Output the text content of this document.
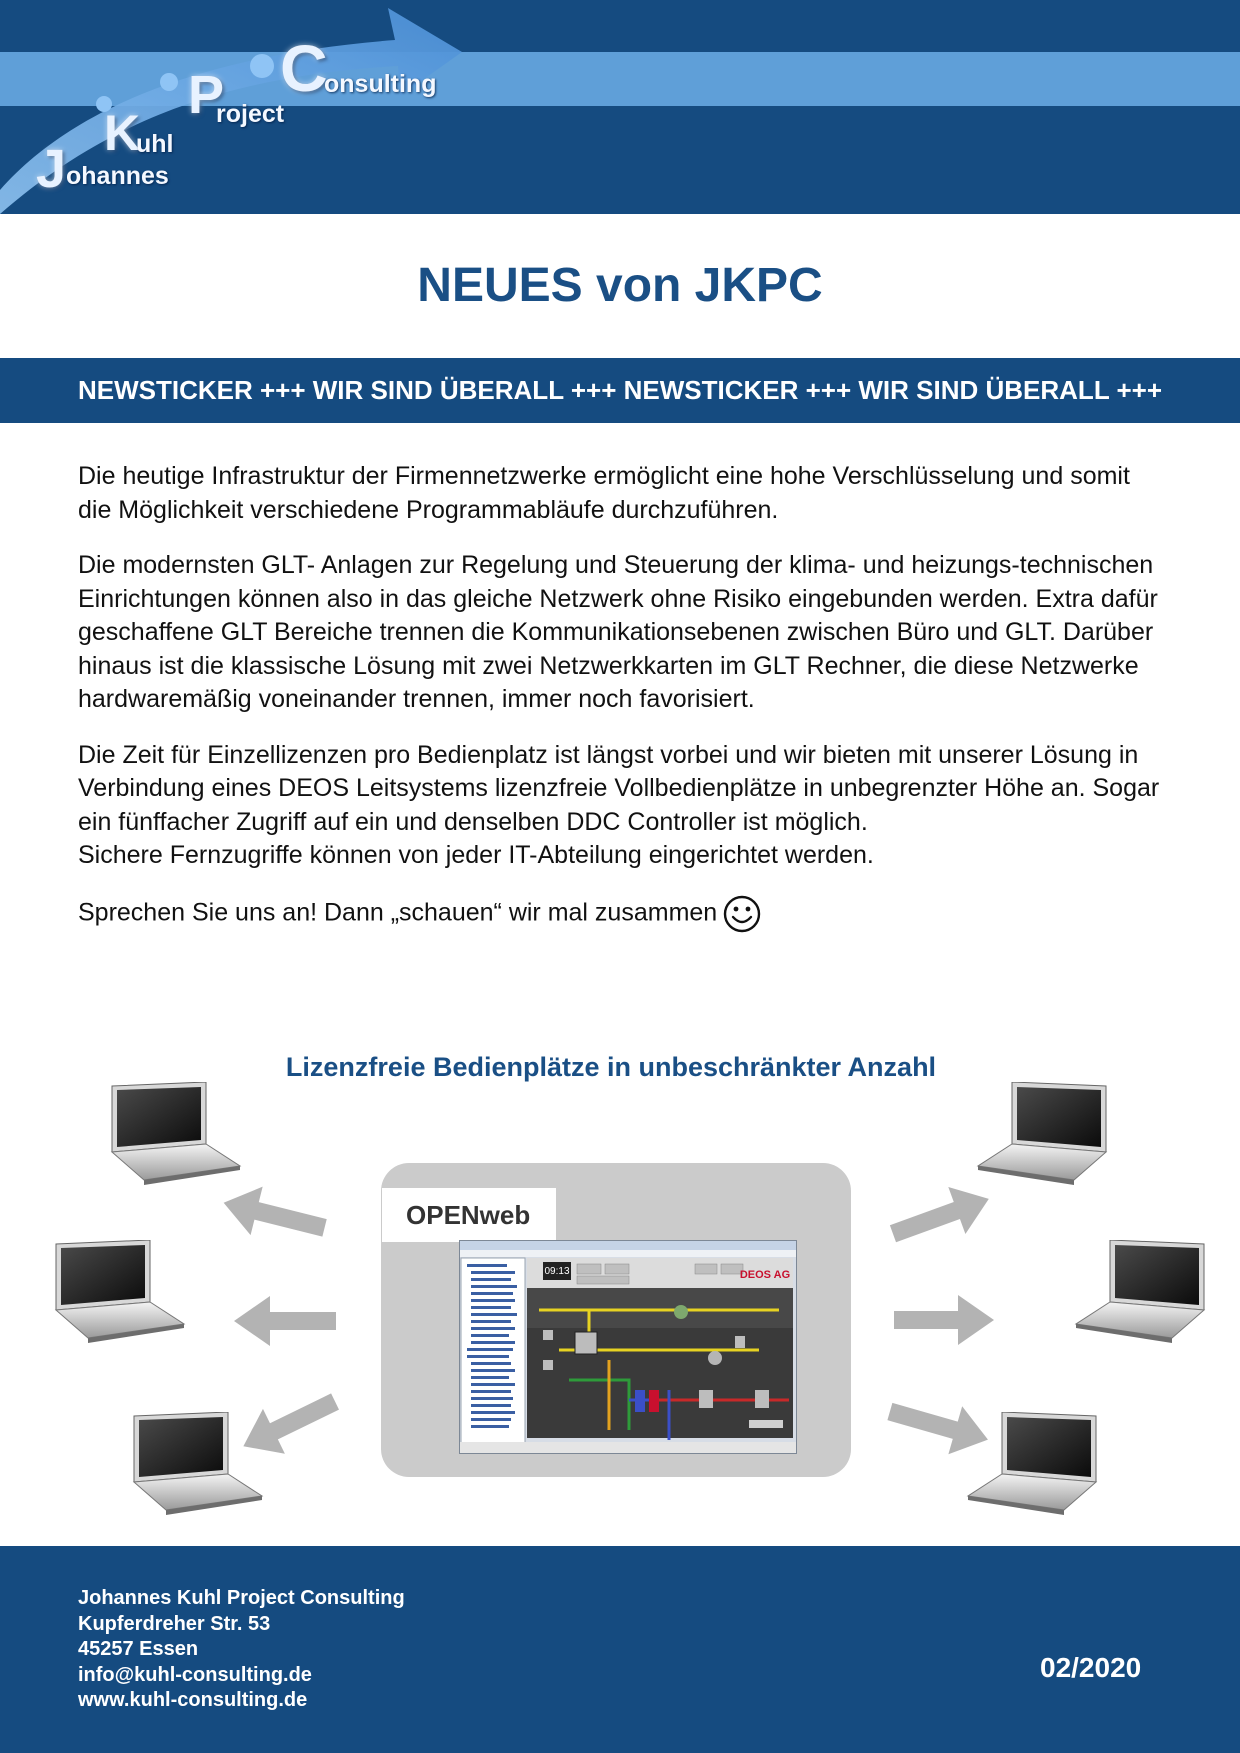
J ohannes
K
uhl
P
roject
C
onsulting
NEUES von JKPC
NEWSTICKER +++ WIR SIND ÜBERALL +++ NEWSTICKER +++ WIR SIND ÜBERALL +++

Die heutige Infrastruktur der Firmennetzwerke ermöglicht eine hohe Verschlüsselung und somit die Möglichkeit verschiedene Programmabläufe durchzuführen.

Die modernsten GLT- Anlagen zur Regelung und Steuerung der klima- und heizungs-technischen Einrichtungen können also in das gleiche Netzwerk ohne Risiko eingebunden werden. Extra dafür geschaffene GLT Bereiche trennen die Kommunikationsebenen zwischen Büro und GLT. Darüber hinaus ist die klassische Lösung mit zwei Netzwerkkarten im GLT Rechner, die diese Netzwerke hardwaremäßig voneinander trennen, immer noch favorisiert.

Die Zeit für Einzellizenzen pro Bedienplatz ist längst vorbei und wir bieten mit unserer Lösung in Verbindung eines DEOS Leitsystems lizenzfreie Vollbedienplätze in unbegrenzter Höhe an. Sogar ein fünffacher Zugriff auf ein und denselben DDC Controller ist möglich.

Sichere Fernzugriffe können von jeder IT-Abteilung eingerichtet werden.

Sprechen Sie uns an! Dann „schauen“ wir mal zusammen

Lizenzfreie Bedienplätze in unbeschränkter Anzahl
OPENweb
09:13	DEOS AG
Johannes Kuhl Project Consulting
Kupferdreher Str. 53
45257 Essen
info@kuhl-consulting.de
www.kuhl-consulting.de
02/2020
